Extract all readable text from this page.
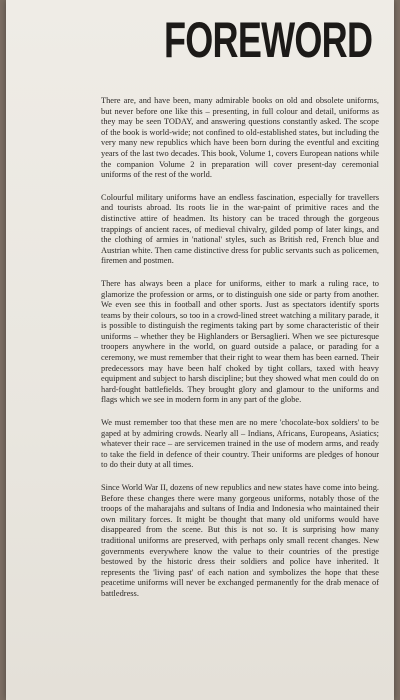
FOREWORD

There are, and have been, many admirable books on old and obsolete uniforms, but never before one like this – presenting, in full colour and detail, uniforms as they may be seen TODAY, and answering questions constantly asked. The scope of the book is world-wide; not confined to old-established states, but including the very many new republics which have been born during the eventful and exciting years of the last two decades. This book, Volume 1, covers European nations while the companion Volume 2 in preparation will cover present-day ceremonial uniforms of the rest of the world.

Colourful military uniforms have an endless fascination, especially for travellers and tourists abroad. Its roots lie in the war-paint of primitive races and the distinctive attire of headmen. Its history can be traced through the gorgeous trappings of ancient races, of medieval chivalry, gilded pomp of later kings, and the clothing of armies in 'national' styles, such as British red, French blue and Austrian white. Then came distinctive dress for public servants such as policemen, firemen and postmen.

There has always been a place for uniforms, either to mark a ruling race, to glamorize the profession or arms, or to distinguish one side or party from another. We even see this in football and other sports. Just as spectators identify sports teams by their colours, so too in a crowd-lined street watching a military parade, it is possible to distinguish the regiments taking part by some characteristic of their uniforms – whether they be Highlanders or Bersaglieri. When we see picturesque troopers anywhere in the world, on guard outside a palace, or parading for a ceremony, we must remember that their right to wear them has been earned. Their predecessors may have been half choked by tight collars, taxed with heavy equipment and subject to harsh discipline; but they showed what men could do on hard-fought battlefields. They brought glory and glamour to the uniforms and flags which we see in modern form in any part of the globe.

We must remember too that these men are no mere 'chocolate-box soldiers' to be gaped at by admiring crowds. Nearly all – Indians, Africans, Europeans, Asiatics; whatever their race – are servicemen trained in the use of modern arms, and ready to take the field in defence of their country. Their uniforms are pledges of honour to do their duty at all times.

Since World War II, dozens of new republics and new states have come into being. Before these changes there were many gorgeous uniforms, notably those of the troops of the maharajahs and sultans of India and Indonesia who maintained their own military forces. It might be thought that many old uniforms would have disappeared from the scene. But this is not so. It is surprising how many traditional uniforms are preserved, with perhaps only small recent changes. New governments everywhere know the value to their countries of the prestige bestowed by the historic dress their soldiers and police have inherited. It represents the 'living past' of each nation and symbolizes the hope that these peacetime uniforms will never be exchanged permanently for the drab menace of battledress.
